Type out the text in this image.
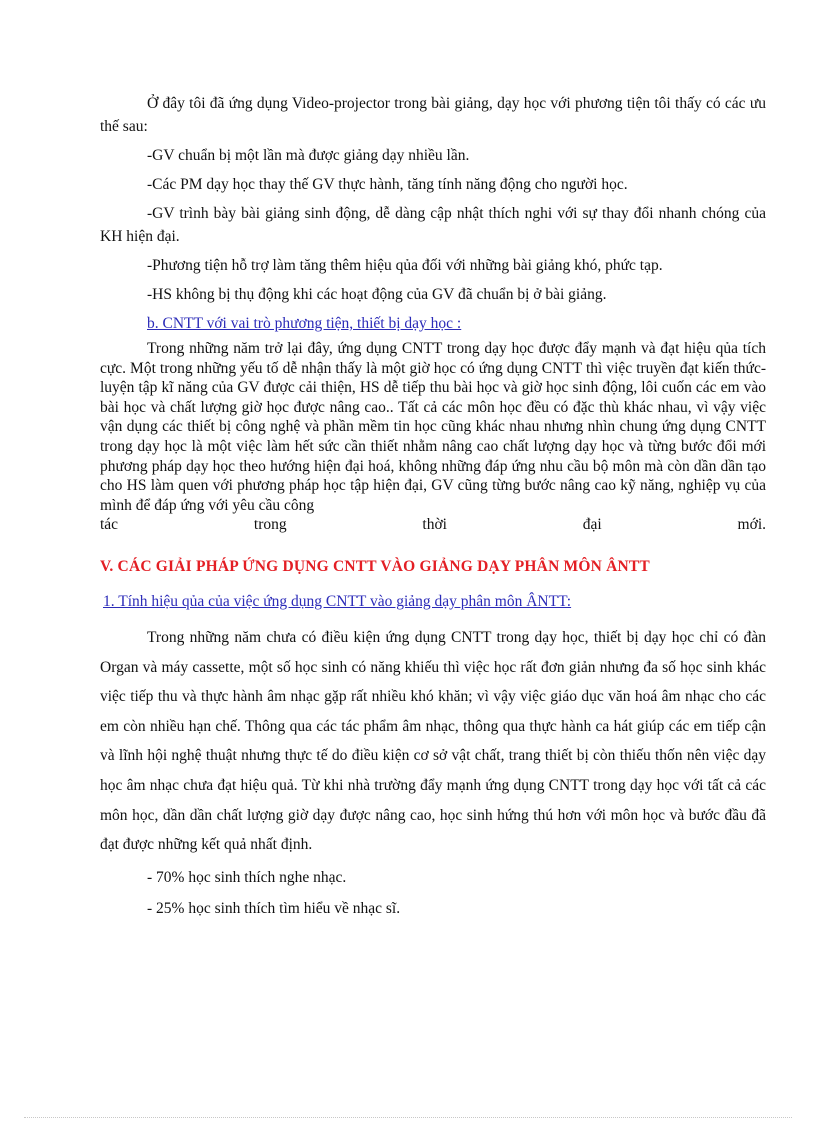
Ở đây tôi đã ứng dụng Video-projector trong bài giảng, dạy học với phương tiện tôi thấy có các ưu thế sau:

-GV chuẩn bị một lần mà được giảng dạy nhiều lần.

-Các PM dạy học thay thế GV thực hành, tăng tính năng động cho người học.

-GV trình bày bài giảng sinh động, dễ dàng cập nhật thích nghi với sự thay đổi nhanh chóng của KH hiện đại.

-Phương tiện hỗ trợ làm tăng thêm hiệu qủa đối với những bài giảng khó, phức tạp.

-HS không bị thụ động khi các hoạt động của GV đã chuẩn bị ở bài giảng.

b. CNTT với vai trò phương tiện, thiết bị dạy học :

Trong những năm trở lại đây, ứng dụng CNTT trong dạy học được đẩy mạnh và đạt hiệu qủa tích cực. Một trong những yếu tố dễ nhận thấy là một giờ học có ứng dụng CNTT thì việc truyền đạt kiến thức- luyện tập kĩ năng của GV được cải thiện, HS dễ tiếp thu bài học và giờ học sinh động, lôi cuốn các em vào bài học và chất lượng giờ học được nâng cao.. Tất cả các môn học đều có đặc thù khác nhau, vì vậy việc vận dụng các thiết bị công nghệ và phần mềm tin học cũng khác nhau nhưng nhìn chung ứng dụng CNTT trong dạy học là một việc làm hết sức cần thiết nhằm nâng cao chất lượng dạy học và từng bước đổi mới phương pháp dạy học theo hướng hiện đại hoá, không những đáp ứng nhu cầu bộ môn mà còn dần dần tạo cho HS làm quen với phương pháp học tập hiện đại, GV cũng từng bước nâng cao kỹ năng, nghiệp vụ của mình để đáp ứng với yêu cầu công

tác trong thời đại mới.

V. CÁC GIẢI PHÁP ỨNG DỤNG CNTT VÀO GIẢNG DẠY PHÂN MÔN ÂNTT

1. Tính hiệu qủa của việc ứng dụng CNTT vào giảng dạy phân môn ÂNTT:

Trong những năm chưa có điều kiện ứng dụng CNTT trong dạy học, thiết bị dạy học chỉ có đàn Organ và máy cassette, một số học sinh có năng khiếu thì việc học rất đơn giản nhưng đa số học sinh khác việc tiếp thu và thực hành âm nhạc gặp rất nhiều khó khăn; vì vậy việc giáo dục văn hoá âm nhạc cho các em còn nhiều hạn chế. Thông qua các tác phẩm âm nhạc, thông qua thực hành ca hát giúp các em tiếp cận và lĩnh hội nghệ thuật nhưng thực tế do điều kiện cơ sở vật chất, trang thiết bị còn thiếu thốn nên việc dạy học âm nhạc chưa đạt hiệu quả. Từ khi nhà trường đẩy mạnh ứng dụng CNTT trong dạy học với tất cả các môn học, dần dần chất lượng giờ dạy được nâng cao, học sinh hứng thú hơn với môn học và bước đầu đã đạt được những kết quả nhất định.

- 70% học sinh thích nghe nhạc.

- 25% học sinh thích tìm hiểu về nhạc sĩ.
